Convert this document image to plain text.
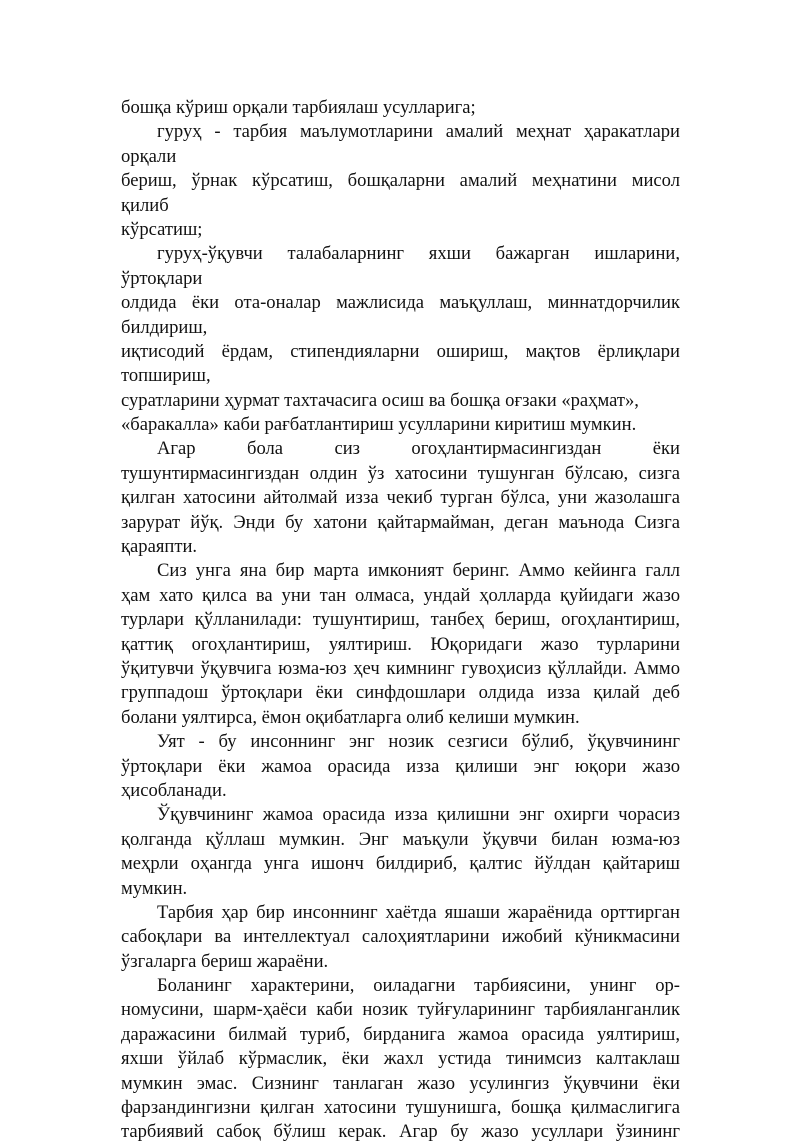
бошқа кўриш орқали тарбиялаш усулларига;
гуруҳ - тарбия маълумотларини амалий меҳнат ҳаракатлари
орқали
бериш, ўрнак кўрсатиш, бошқаларни амалий меҳнатини мисол
қилиб
кўрсатиш;
гуруҳ-ўқувчи талабаларнинг яхши бажарган ишларини,
ўртоқлари
олдида ёки ота-оналар мажлисида маъқуллаш, миннатдорчилик
билдириш,
иқтисодий ёрдам, стипендияларни ошириш, мақтов ёрлиқлари
топшириш,
суратларини ҳурмат тахтачасига осиш ва бошқа оғзаки «раҳмат»,
«баракалла» каби рағбатлантириш усулларини киритиш мумкин.
Агар бола сиз огоҳлантирмасингиздан ёки
тушунтирмасингиздан олдин ўз хатосини тушунган бўлсаю, сизга
қилган хатосини айтолмай изза чекиб турган бўлса, уни жазолашга
зарурат йўқ. Энди бу хатони қайтармайман, деган маънода Сизга
қараяпти.
Сиз унга яна бир марта имконият беринг. Аммо кейинга галл
ҳам хато қилса ва уни тан олмаса, ундай ҳолларда қуйидаги жазо
турлари қўлланилади: тушунтириш, танбеҳ бериш, огоҳлантириш,
қаттиқ огоҳлантириш, уялтириш. Юқоридаги жазо турларини
ўқитувчи ўқувчига юзма-юз ҳеч кимнинг гувоҳисиз қўллайди. Аммо
группадош ўртоқлари ёки синфдошлари олдида изза қилай деб
болани уялтирса, ёмон оқибатларга олиб келиши мумкин.
Уят - бу инсоннинг энг нозик сезгиси бўлиб, ўқувчининг
ўртоқлари ёки жамоа орасида изза қилиши энг юқори жазо
ҳисобланади.
Ўқувчининг жамоа орасида изза қилишни энг охирги чорасиз
қолганда қўллаш мумкин. Энг маъқули ўқувчи билан юзма-юз
меҳрли оҳангда унга ишонч билдириб, қалтис йўлдан қайтариш
мумкин.
Тарбия ҳар бир инсоннинг хаётда яшаши жараёнида орттирган
сабоқлари ва интеллектуал салоҳиятларини ижобий кўникмасини
ўзгаларга бериш жараёни.
Боланинг характерини, оиладагни тарбиясини, унинг ор-
номусини, шарм-ҳаёси каби нозик туйғуларининг тарбияланганлик
даражасини билмай туриб, бирданига жамоа орасида уялтириш,
яхши ўйлаб кўрмаслик, ёки жахл устида тинимсиз калтаклаш
мумкин эмас. Сизнинг танлаган жазо усулингиз ўқувчини ёки
фарзандингизни қилган хатосини тушунишга, бошқа қилмаслигига
тарбиявий сабоқ бўлиш керак. Агар бу жазо усуллари ўзининг
